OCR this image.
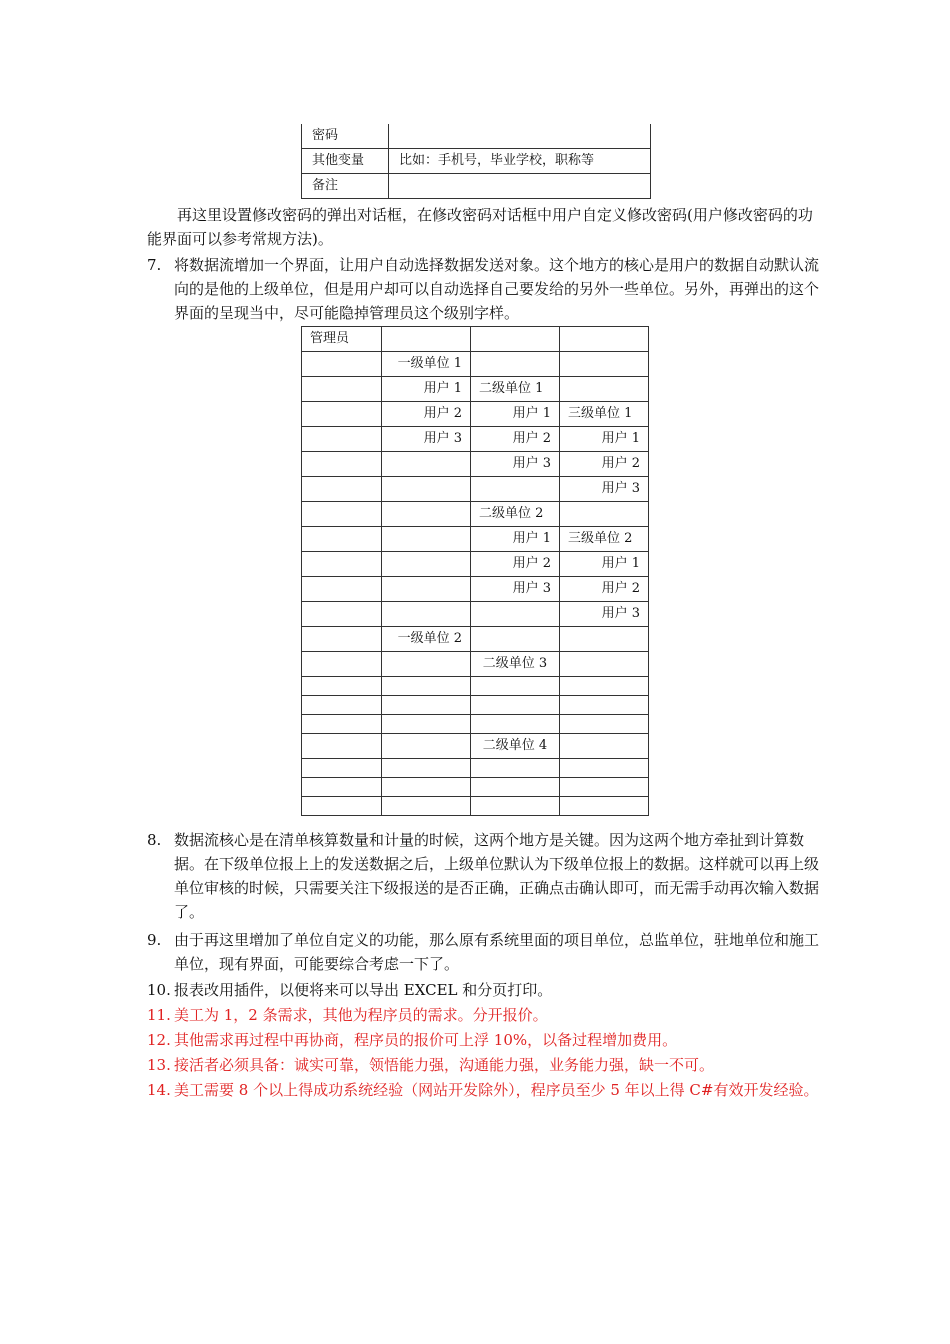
密码	
其他变量	比如：手机号，毕业学校，职称等
备注	
再这里设置修改密码的弹出对话框，在修改密码对话框中用户自定义修改密码(用户修改密码的功能界面可以参考常规方法)。
7. 将数据流增加一个界面，让用户自动选择数据发送对象。这个地方的核心是用户的数据自动默认流向的是他的上级单位，但是用户却可以自动选择自己要发给的另外一些单位。另外，再弹出的这个界面的呈现当中，尽可能隐掉管理员这个级别字样。
管理员			
	一级单位 1		
	用户 1	二级单位 1	
	用户 2	用户 1	三级单位 1
	用户 3	用户 2	用户 1
		用户 3	用户 2
			用户 3
		二级单位 2	
		用户 1	三级单位 2
		用户 2	用户 1
		用户 3	用户 2
			用户 3
	一级单位 2		
		二级单位 3	

		二级单位 4	

8. 数据流核心是在清单核算数量和计量的时候，这两个地方是关键。因为这两个地方牵扯到计算数据。在下级单位报上上的发送数据之后，上级单位默认为下级单位报上的数据。这样就可以再上级单位审核的时候，只需要关注下级报送的是否正确，正确点击确认即可，而无需手动再次输入数据了。
9. 由于再这里增加了单位自定义的功能，那么原有系统里面的项目单位，总监单位，驻地单位和施工单位，现有界面，可能要综合考虑一下了。
10. 报表改用插件，以便将来可以导出 EXCEL 和分页打印。
11. 美工为 1，2 条需求，其他为程序员的需求。分开报价。
12. 其他需求再过程中再协商，程序员的报价可上浮 10%，以备过程增加费用。
13. 接活者必须具备：诚实可靠，领悟能力强，沟通能力强，业务能力强，缺一不可。
14. 美工需要 8 个以上得成功系统经验（网站开发除外），程序员至少 5 年以上得 C#有效开发经验。
